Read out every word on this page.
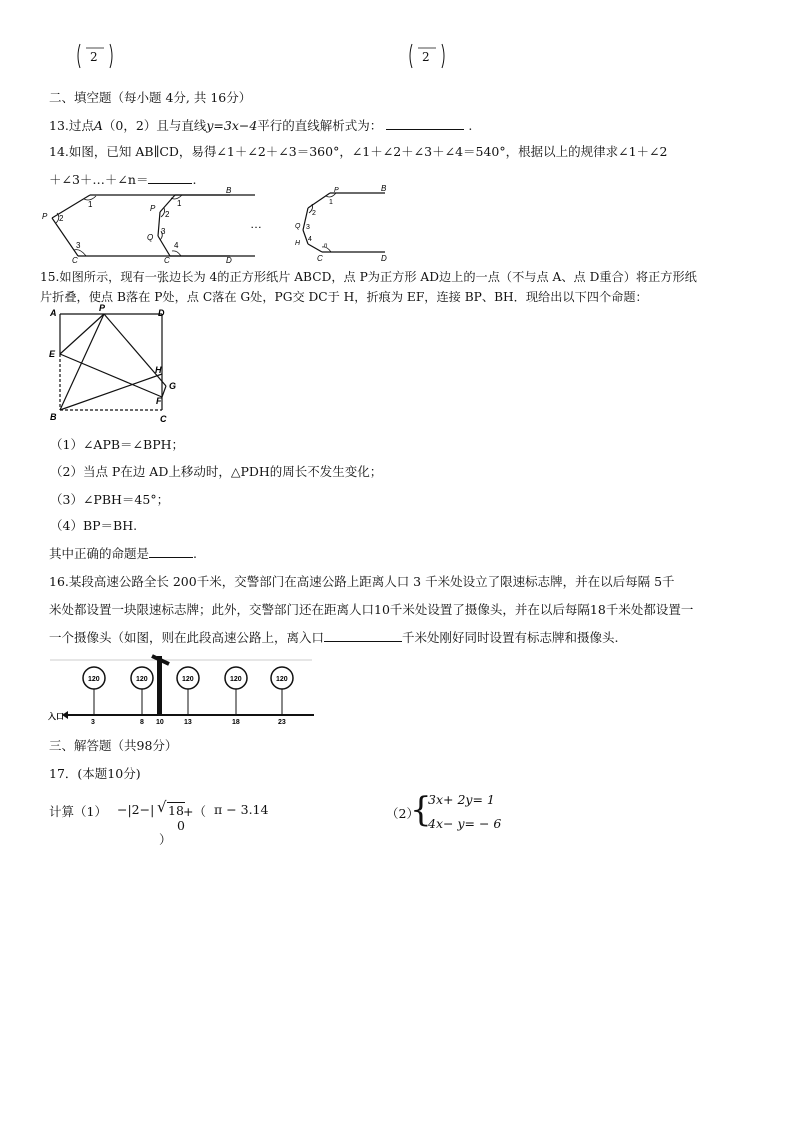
2	2
二、填空题（每小题 4分, 共 16分）
13.过点A（0，2）且与直线y=3x−4平行的直线解析式为：	.
14.如图，已知 AB∥CD，易得∠1＋∠2＋∠3＝360°，∠1＋∠2＋∠3＋∠4＝540°，根据以上的规律求∠1＋∠2
＋∠3＋…＋∠n＝	.
B
P
1
2
3
C	D
P
1
2
3
Q
4
C
…
P	B
1
2
3
Q
4
H	n
C	D
15.如图所示，现有一张边长为 4的正方形纸片 ABCD，点 P为正方形 AD边上的一点（不与点 A、点 D重合）将正方形纸
片折叠，使点 B落在 P处，点 C落在 G处，PG交 DC于 H，折痕为 EF，连接 BP、BH．现给出以下四个命题：
A	P	D
E
H
G
F
B	C
（1）∠APB＝∠BPH；
（2）当点 P在边 AD上移动时，△PDH的周长不发生变化；
（3）∠PBH＝45°；
（4）BP＝BH.
其中正确的命题是	.
16.某段高速公路全长 200千米，交警部门在高速公路上距离人口 3 千米处设立了限速标志牌，并在以后每隔 5千
米处都设置一块限速标志牌；此外，交警部门还在距离人口10千米处设置了摄像头，并在以后每隔18千米处都设置一
一个摄像头（如图，则在此段高速公路上，离入口	千米处刚好同时设置有标志牌和摄像头.
入口
10
120
3
120
8
120
13
120
18
120
23
三、解答题（共98分）
17．(本题10分)
计算（1） −|2−| √ 18 +（ π − 3.14
0
）
（2）
{
3x+ 2y= 1
4x− y= − 6
